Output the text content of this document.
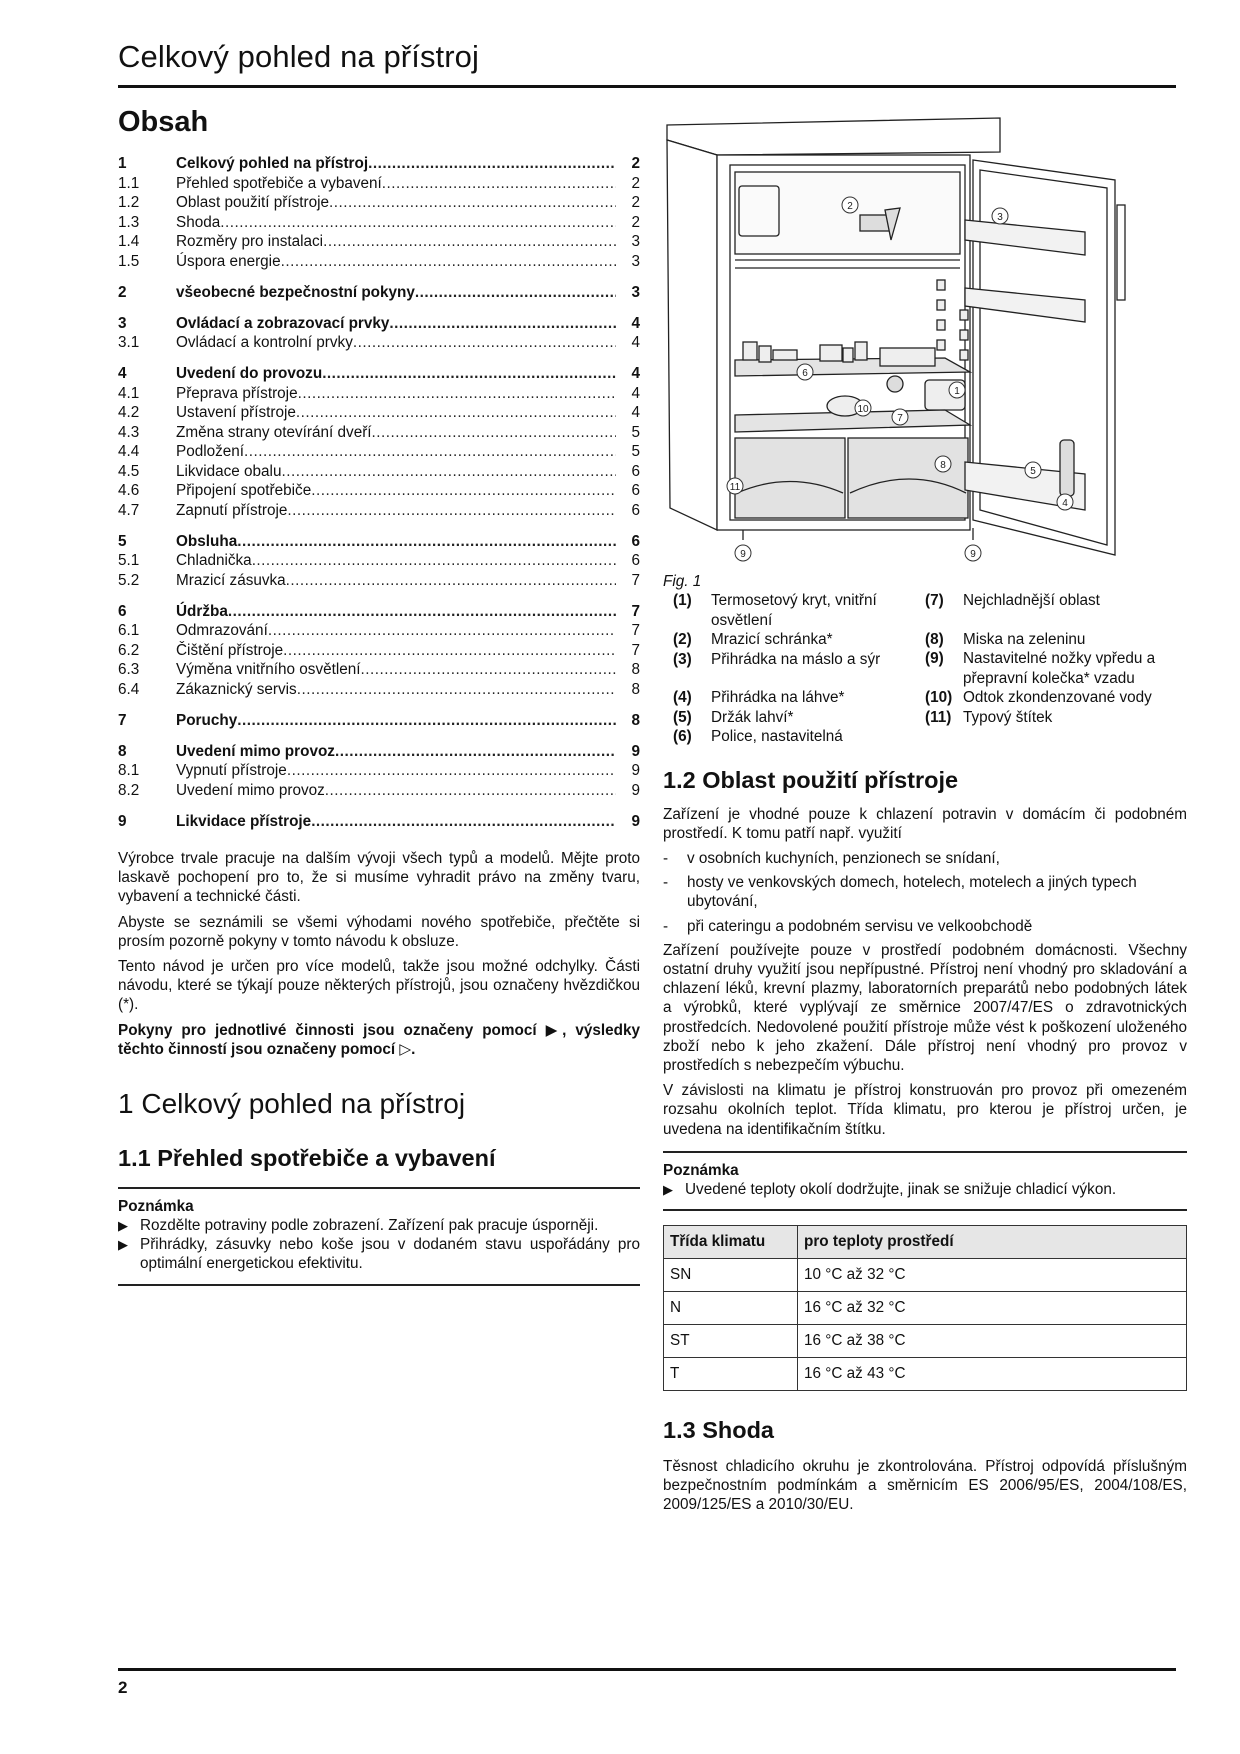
Celkový pohled na přístroj
Obsah
1	Celkový pohled na přístroj .....	2
1.1	Přehled spotřebiče a vybavení .....	2
1.2	Oblast použití přístroje .....	2
1.3	Shoda .....	2
1.4	Rozměry pro instalaci .....	3
1.5	Úspora energie .....	3
2	všeobecné bezpečnostní pokyny .....	3
3	Ovládací a zobrazovací prvky .....	4
3.1	Ovládací a kontrolní prvky .....	4
4	Uvedení do provozu .....	4
4.1	Přeprava přístroje .....	4
4.2	Ustavení přístroje .....	4
4.3	Změna strany otevírání dveří .....	5
4.4	Podložení .....	5
4.5	Likvidace obalu .....	6
4.6	Připojení spotřebiče .....	6
4.7	Zapnutí přístroje .....	6
5	Obsluha .....	6
5.1	Chladnička .....	6
5.2	Mrazicí zásuvka .....	7
6	Údržba .....	7
6.1	Odmrazování .....	7
6.2	Čištění přístroje .....	7
6.3	Výměna vnitřního osvětlení .....	8
6.4	Zákaznický servis .....	8
7	Poruchy .....	8
8	Uvedení mimo provoz .....	9
8.1	Vypnutí přístroje .....	9
8.2	Uvedení mimo provoz .....	9
9	Likvidace přístroje .....	9

Výrobce trvale pracuje na dalším vývoji všech typů a modelů. Mějte proto laskavě pochopení pro to, že si musíme vyhradit právo na změny tvaru, vybavení a technické části.

Abyste se seznámili se všemi výhodami nového spotřebiče, přečtěte si prosím pozorně pokyny v tomto návodu k obsluze.

Tento návod je určen pro více modelů, takže jsou možné odchylky. Části návodu, které se týkají pouze některých přístrojů, jsou označeny hvězdičkou (*).

Pokyny pro jednotlivé činnosti jsou označeny pomocí ▶, výsledky těchto činností jsou označeny pomocí ▷.

1 Celkový pohled na přístroj
1.1 Přehled spotřebiče a vybavení
Poznámka
▶ Rozdělte potraviny podle zobrazení. Zařízení pak pracuje úsporněji.
▶ Přihrádky, zásuvky nebo koše jsou v dodaném stavu uspořádány pro optimální energetickou efektivitu.
2
3
1
6
10
7
8
5
4
11
9	9
Fig. 1
(1)	Termosetový kryt, vnitřní osvětlení
(2)	Mrazicí schránka*
(3)	Přihrádka na máslo a sýr
(4)	Přihrádka na láhve*
(5)	Držák lahví*
(6)	Police, nastavitelná
(7)	Nejchladnější oblast
(8)	Miska na zeleninu
(9)	Nastavitelné nožky vpředu a přepravní kolečka* vzadu
(10) Odtok zkondenzované vody
(11) Typový štítek
1.2 Oblast použití přístroje

Zařízení je vhodné pouze k chlazení potravin v domácím či podobném prostředí. K tomu patří např. využití

-	v osobních kuchyních, penzionech se snídaní,
-	hosty ve venkovských domech, hotelech, motelech a jiných typech ubytování,
-	při cateringu a podobném servisu ve velkoobchodě

Zařízení používejte pouze v prostředí podobném domácnosti. Všechny ostatní druhy využití jsou nepřípustné. Přístroj není vhodný pro skladování a chlazení léků, krevní plazmy, laboratorních preparátů nebo podobných látek a výrobků, které vyplývají ze směrnice 2007/47/ES o zdravotnických prostředcích. Nedovolené použití přístroje může vést k poškození uloženého zboží nebo k jeho zkažení. Dále přístroj není vhodný pro provoz v prostředích s nebezpečím výbuchu.

V závislosti na klimatu je přístroj konstruován pro provoz při omezeném rozsahu okolních teplot. Třída klimatu, pro kterou je přístroj určen, je uvedena na identifikačním štítku.

Poznámka
▶ Uvedené teploty okolí dodržujte, jinak se snižuje chladicí výkon.
Třída klimatu	pro teploty prostředí
SN	10 °C až 32 °C
N	16 °C až 32 °C
ST	16 °C až 38 °C
T	16 °C až 43 °C
1.3 Shoda

Těsnost chladicího okruhu je zkontrolována. Přístroj odpovídá příslušným bezpečnostním podmínkám a směrnicím ES 2006/95/ES, 2004/108/ES, 2009/125/ES a 2010/30/EU.

2
